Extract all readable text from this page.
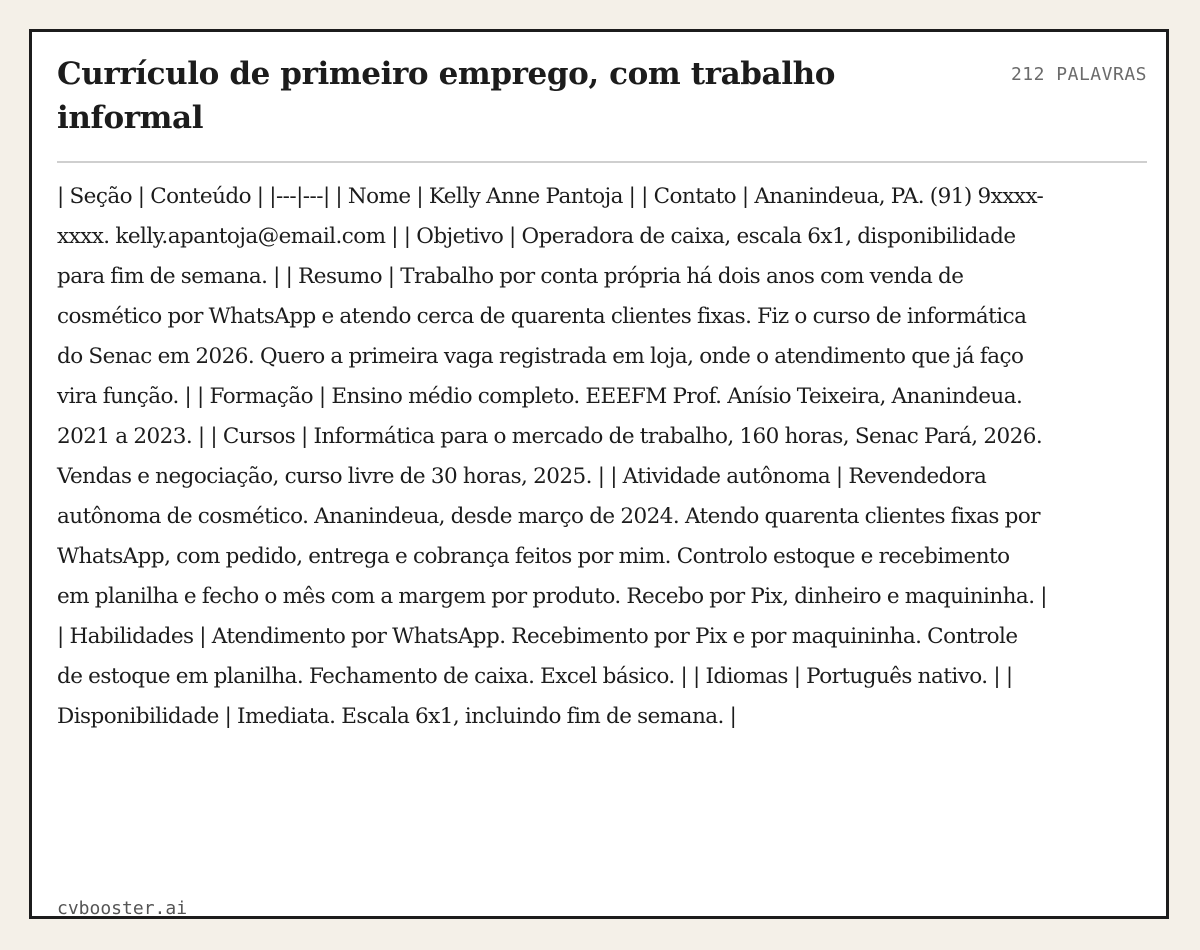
Currículo de primeiro emprego, com trabalho informal
212 PALAVRAS

| Seção | Conteúdo | |---|---| | Nome | Kelly Anne Pantoja | | Contato | Ananindeua, PA. (91) 9xxxx-xxxx. kelly.apantoja@email.com | | Objetivo | Operadora de caixa, escala 6x1, disponibilidade para fim de semana. | | Resumo | Trabalho por conta própria há dois anos com venda de cosmético por WhatsApp e atendo cerca de quarenta clientes fixas. Fiz o curso de informática do Senac em 2026. Quero a primeira vaga registrada em loja, onde o atendimento que já faço vira função. | | Formação | Ensino médio completo. EEEFM Prof. Anísio Teixeira, Ananindeua. 2021 a 2023. | | Cursos | Informática para o mercado de trabalho, 160 horas, Senac Pará, 2026. Vendas e negociação, curso livre de 30 horas, 2025. | | Atividade autônoma | Revendedora autônoma de cosmético. Ananindeua, desde março de 2024. Atendo quarenta clientes fixas por WhatsApp, com pedido, entrega e cobrança feitos por mim. Controlo estoque e recebimento em planilha e fecho o mês com a margem por produto. Recebo por Pix, dinheiro e maquininha. | | Habilidades | Atendimento por WhatsApp. Recebimento por Pix e por maquininha. Controle de estoque em planilha. Fechamento de caixa. Excel básico. | | Idiomas | Português nativo. | | Disponibilidade | Imediata. Escala 6x1, incluindo fim de semana. |

cvbooster.ai
